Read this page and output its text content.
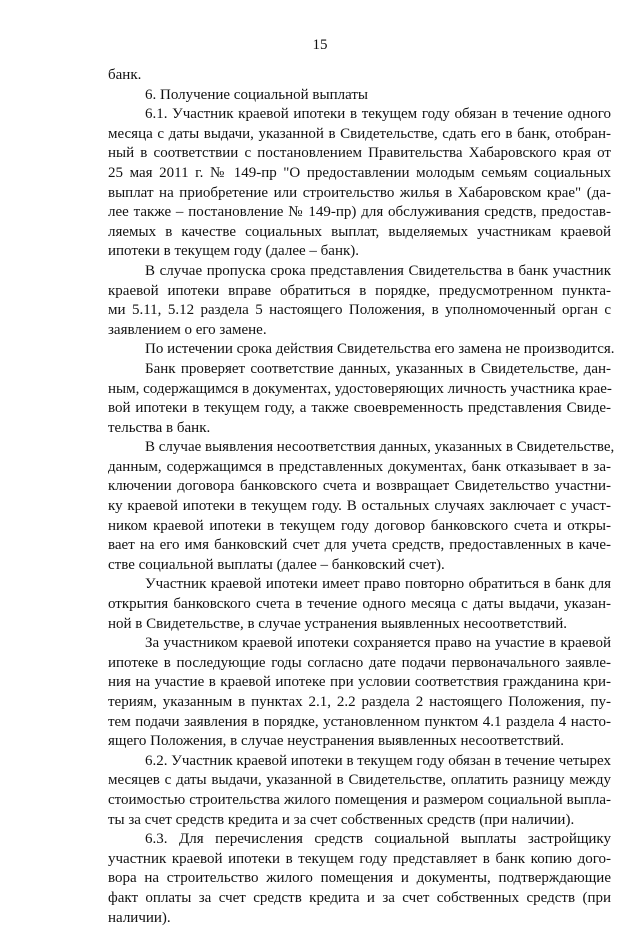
15
банк.
6. Получение социальной выплаты
6.1. Участник краевой ипотеки в текущем году обязан в течение одного
месяца с даты выдачи, указанной в Свидетельстве, сдать его в банк, отобран-
ный в соответствии с постановлением Правительства Хабаровского края от
25 мая 2011 г. № 149-пр "О предоставлении молодым семьям социальных
выплат на приобретение или строительство жилья в Хабаровском крае" (да-
лее также – постановление № 149-пр) для обслуживания средств, предостав-
ляемых в качестве социальных выплат, выделяемых участникам краевой
ипотеки в текущем году (далее – банк).
В случае пропуска срока представления Свидетельства в банк участник
краевой ипотеки вправе обратиться в порядке, предусмотренном пункта-
ми 5.11, 5.12 раздела 5 настоящего Положения, в уполномоченный орган с
заявлением о его замене.
По истечении срока действия Свидетельства его замена не производится.
Банк проверяет соответствие данных, указанных в Свидетельстве, дан-
ным, содержащимся в документах, удостоверяющих личность участника крае-
вой ипотеки в текущем году, а также своевременность представления Свиде-
тельства в банк.
В случае выявления несоответствия данных, указанных в Свидетельстве,
данным, содержащимся в представленных документах, банк отказывает в за-
ключении договора банковского счета и возвращает Свидетельство участни-
ку краевой ипотеки в текущем году. В остальных случаях заключает с участ-
ником краевой ипотеки в текущем году договор банковского счета и откры-
вает на его имя банковский счет для учета средств, предоставленных в каче-
стве социальной выплаты (далее – банковский счет).
Участник краевой ипотеки имеет право повторно обратиться в банк для
открытия банковского счета в течение одного месяца с даты выдачи, указан-
ной в Свидетельстве, в случае устранения выявленных несоответствий.
За участником краевой ипотеки сохраняется право на участие в краевой
ипотеке в последующие годы согласно дате подачи первоначального заявле-
ния на участие в краевой ипотеке при условии соответствия гражданина кри-
териям, указанным в пунктах 2.1, 2.2 раздела 2 настоящего Положения, пу-
тем подачи заявления в порядке, установленном пунктом 4.1 раздела 4 насто-
ящего Положения, в случае неустранения выявленных несоответствий.
6.2. Участник краевой ипотеки в текущем году обязан в течение четырех
месяцев с даты выдачи, указанной в Свидетельстве, оплатить разницу между
стоимостью строительства жилого помещения и размером социальной выпла-
ты за счет средств кредита и за счет собственных средств (при наличии).
6.3. Для перечисления средств социальной выплаты застройщику
участник краевой ипотеки в текущем году представляет в банк копию дого-
вора на строительство жилого помещения и документы, подтверждающие
факт оплаты за счет средств кредита и за счет собственных средств (при
наличии).
